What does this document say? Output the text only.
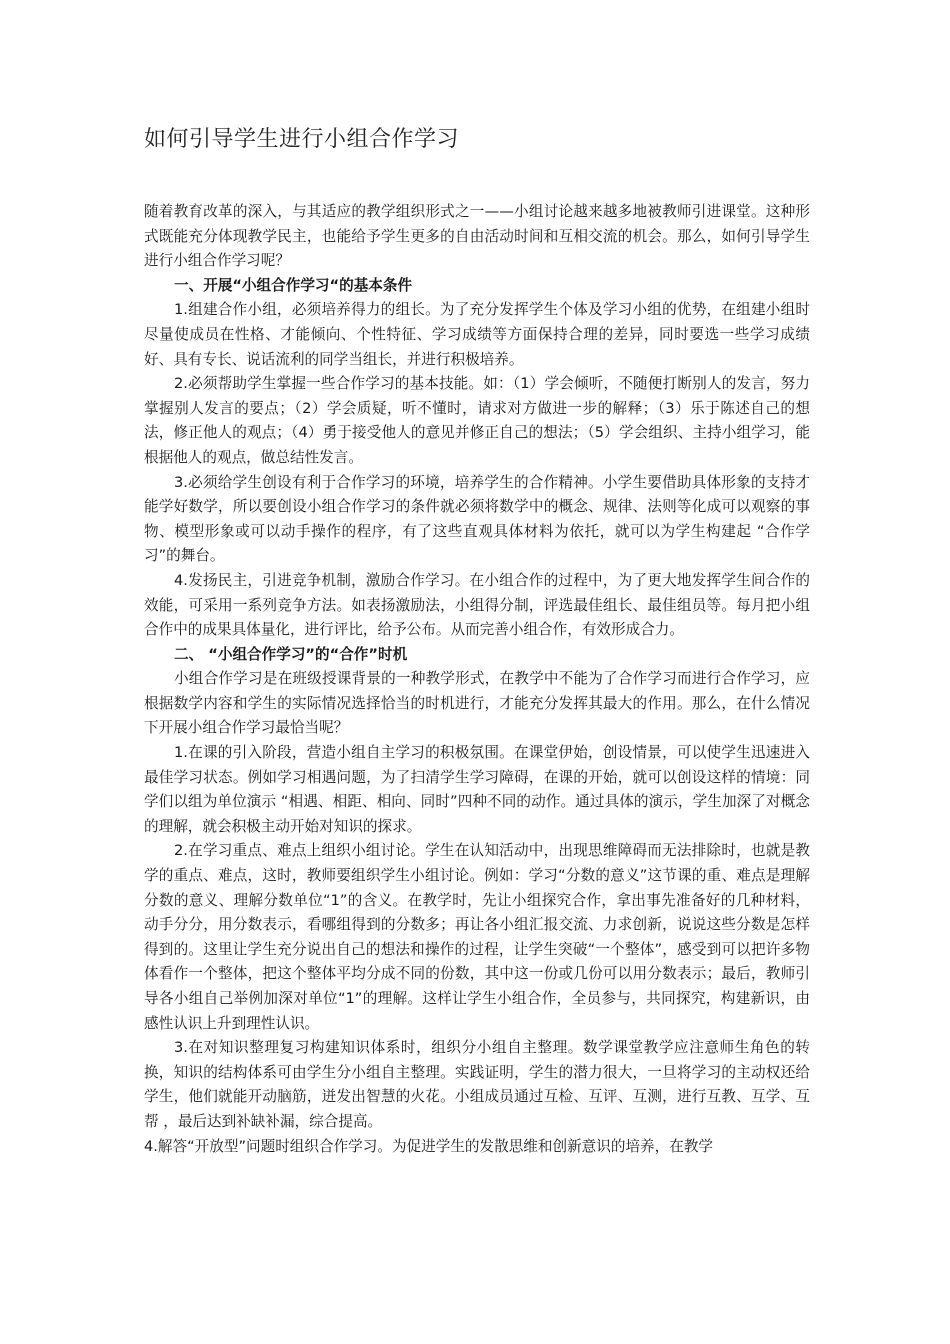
如何引导学生进行小组合作学习

随着教育改革的深入，与其适应的教学组织形式之一——小组讨论越来越多地被教师引进课堂。这种形式既能充分体现教学民主，也能给予学生更多的自由活动时间和互相交流的机会。那么，如何引导学生进行小组合作学习呢？

一、开展“小组合作学习“的基本条件

1.组建合作小组，必须培养得力的组长。为了充分发挥学生个体及学习小组的优势，在组建小组时尽量使成员在性格、才能倾向、个性特征、学习成绩等方面保持合理的差异，同时要选一些学习成绩好、具有专长、说话流利的同学当组长，并进行积极培养。

2.必须帮助学生掌握一些合作学习的基本技能。如：（1）学会倾听，不随便打断别人的发言，努力掌握别人发言的要点；（2）学会质疑，听不懂时，请求对方做进一步的解释；（3）乐于陈述自己的想法，修正他人的观点；（4）勇于接受他人的意见并修正自己的想法；（5）学会组织、主持小组学习，能根据他人的观点，做总结性发言。

3.必须给学生创设有利于合作学习的环境，培养学生的合作精神。小学生要借助具体形象的支持才能学好数学，所以要创设小组合作学习的条件就必须将数学中的概念、规律、法则等化成可以观察的事物、模型形象或可以动手操作的程序，有了这些直观具体材料为依托，就可以为学生构建起 “合作学习”的舞台。

4.发扬民主，引进竞争机制，激励合作学习。在小组合作的过程中，为了更大地发挥学生间合作的效能，可采用一系列竞争方法。如表扬激励法，小组得分制，评选最佳组长、最佳组员等。每月把小组合作中的成果具体量化，进行评比，给予公布。从而完善小组合作，有效形成合力。

二、 “小组合作学习”的“合作”时机

小组合作学习是在班级授课背景的一种教学形式，在教学中不能为了合作学习而进行合作学习，应根据数学内容和学生的实际情况选择恰当的时机进行，才能充分发挥其最大的作用。那么，在什么情况下开展小组合作学习最恰当呢？

1.在课的引入阶段，营造小组自主学习的积极氛围。在课堂伊始，创设情景，可以使学生迅速进入最佳学习状态。例如学习相遇问题，为了扫清学生学习障碍，在课的开始，就可以创设这样的情境：同学们以组为单位演示 “相遇、相距、相向、同时”四种不同的动作。通过具体的演示，学生加深了对概念的理解，就会积极主动开始对知识的探求。

2.在学习重点、难点上组织小组讨论。学生在认知活动中，出现思维障碍而无法排除时，也就是教学的重点、难点，这时，教师要组织学生小组讨论。例如：学习“分数的意义”这节课的重、难点是理解分数的意义、理解分数单位“1”的含义。在教学时，先让小组探究合作，拿出事先准备好的几种材料，动手分分，用分数表示，看哪组得到的分数多；再让各小组汇报交流、力求创新，说说这些分数是怎样得到的。这里让学生充分说出自己的想法和操作的过程，让学生突破“一个整体”，感受到可以把许多物体看作一个整体，把这个整体平均分成不同的份数，其中这一份或几份可以用分数表示；最后，教师引导各小组自己举例加深对单位“1”的理解。这样让学生小组合作，全员参与，共同探究，构建新识，由感性认识上升到理性认识。

3.在对知识整理复习构建知识体系时，组织分小组自主整理。数学课堂教学应注意师生角色的转换，知识的结构体系可由学生分小组自主整理。实践证明，学生的潜力很大，一旦将学习的主动权还给学生，他们就能开动脑筋，迸发出智慧的火花。小组成员通过互检、互评、互测，进行互教、互学、互帮 ，最后达到补缺补漏，综合提高。

4.解答“开放型”问题时组织合作学习。为促进学生的发散思维和创新意识的培养，在教学
